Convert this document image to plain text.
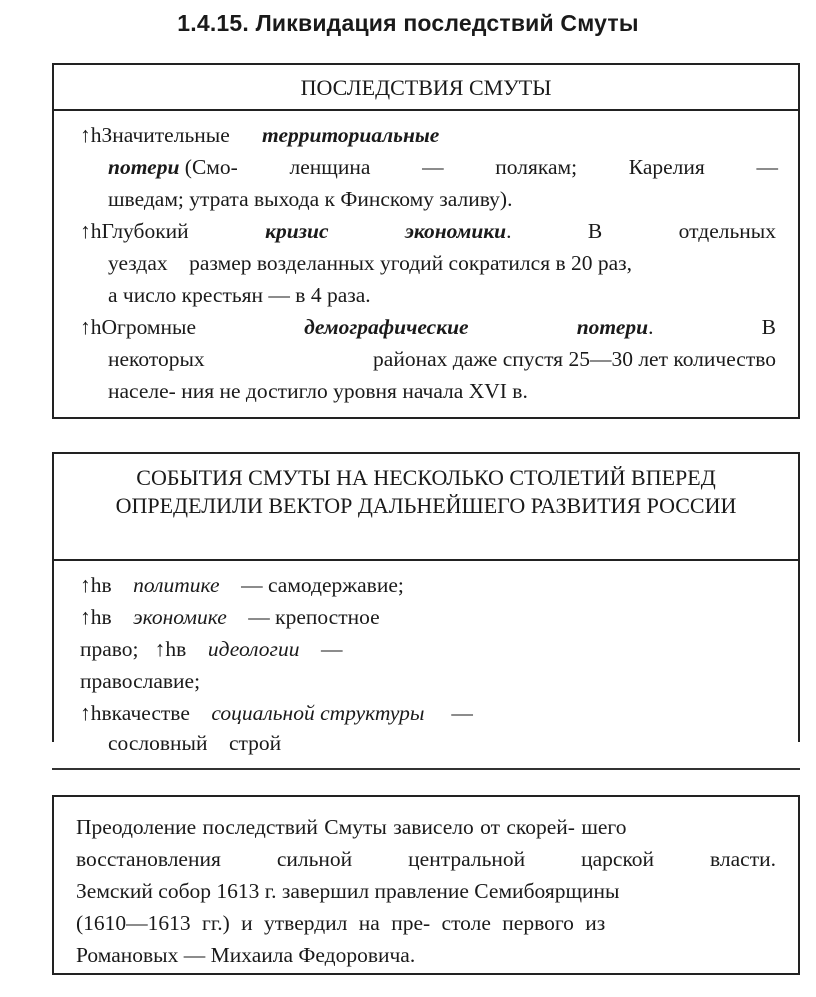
1.4.15. Ликвидация последствий Смуты
ПОСЛЕДСТВИЯ СМУТЫ
↑hЗначительные территориальные
потери (Смо- ленщина — полякам; Карелия —
шведам; утрата выхода к Финскому заливу).
↑hГлубокий	кризис	экономики.	В	отдельных
уездах    размер возделанных угодий сократился в 20 раз,
а число крестьян — в 4 раза.
↑hОгромные	демографические	потери.	В
некоторых	районах даже спустя 25—30 лет количество
населе- ния не достигло уровня начала XVI в.
СОБЫТИЯ СМУТЫ НА НЕСКОЛЬКО СТОЛЕТИЙ ВПЕРЕД
ОПРЕДЕЛИЛИ ВЕКТОР ДАЛЬНЕЙШЕГО РАЗВИТИЯ РОССИИ
↑hв политике — самодержавие;
↑hв экономике — крепостное
право; ↑hв идеологии —
православие;
↑hвкачестве социальной структуры —
сословный    строй
Преодоление последствий Смуты зависело от скорей- шего
восстановления сильной центральной царской власти.
Земский собор 1613 г. завершил правление Семибоярщины
(1610—1613 гг.) и утвердил на пре- столе первого из
Романовых — Михаила Федоровича.
